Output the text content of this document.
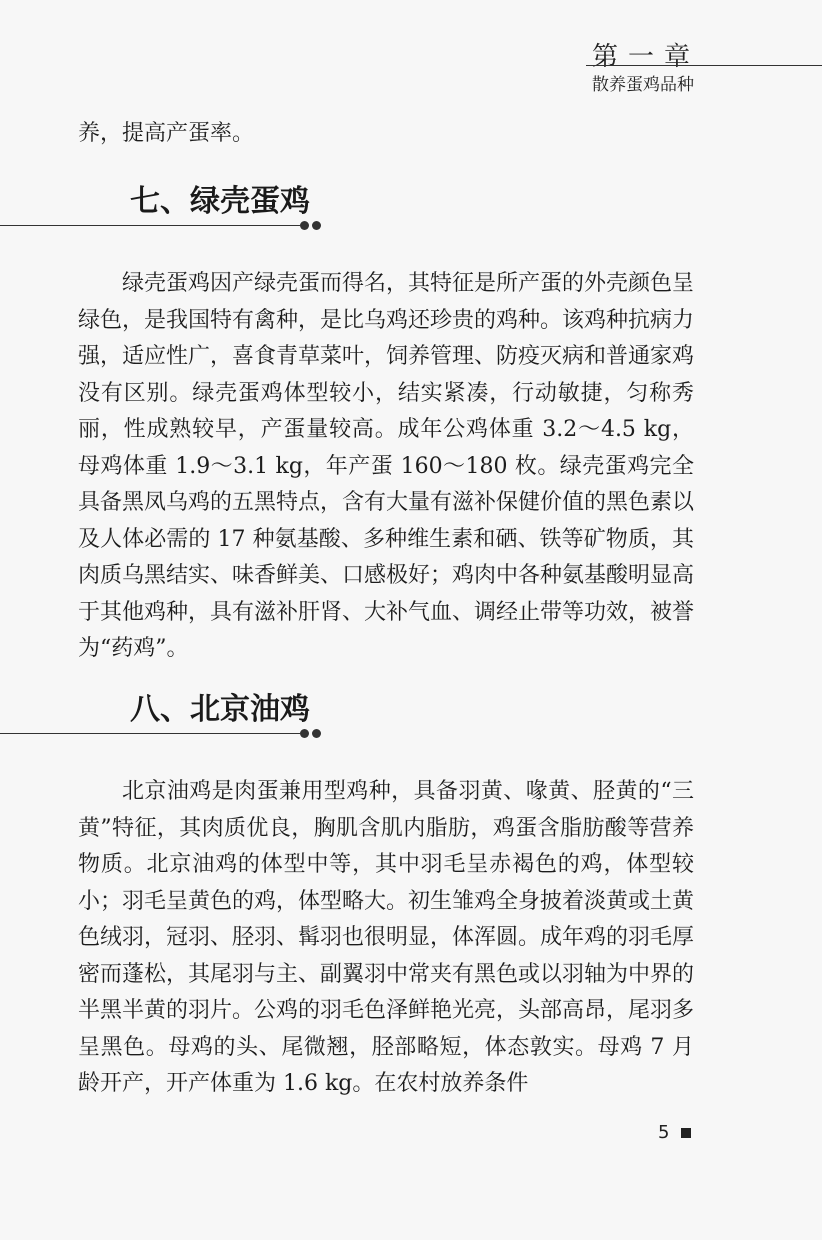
第一章
散养蛋鸡品种

养，提高产蛋率。

七、绿壳蛋鸡

绿壳蛋鸡因产绿壳蛋而得名，其特征是所产蛋的外壳颜色呈绿色，是我国特有禽种，是比乌鸡还珍贵的鸡种。该鸡种抗病力强，适应性广，喜食青草菜叶，饲养管理、防疫灭病和普通家鸡没有区别。绿壳蛋鸡体型较小，结实紧凑，行动敏捷，匀称秀丽，性成熟较早，产蛋量较高。成年公鸡体重 3.2～4.5 kg，母鸡体重 1.9～3.1 kg，年产蛋 160～180 枚。绿壳蛋鸡完全具备黑凤乌鸡的五黑特点，含有大量有滋补保健价值的黑色素以及人体必需的 17 种氨基酸、多种维生素和硒、铁等矿物质，其肉质乌黑结实、味香鲜美、口感极好；鸡肉中各种氨基酸明显高于其他鸡种，具有滋补肝肾、大补气血、调经止带等功效，被誉为“药鸡”。

八、北京油鸡

北京油鸡是肉蛋兼用型鸡种，具备羽黄、喙黄、胫黄的“三黄”特征，其肉质优良，胸肌含肌内脂肪，鸡蛋含脂肪酸等营养物质。北京油鸡的体型中等，其中羽毛呈赤褐色的鸡，体型较小；羽毛呈黄色的鸡，体型略大。初生雏鸡全身披着淡黄或土黄色绒羽，冠羽、胫羽、髯羽也很明显，体浑圆。成年鸡的羽毛厚密而蓬松，其尾羽与主、副翼羽中常夹有黑色或以羽轴为中界的半黑半黄的羽片。公鸡的羽毛色泽鲜艳光亮，头部高昂，尾羽多呈黑色。母鸡的头、尾微翘，胫部略短，体态敦实。母鸡 7 月龄开产，开产体重为 1.6 kg。在农村放养条件

5
